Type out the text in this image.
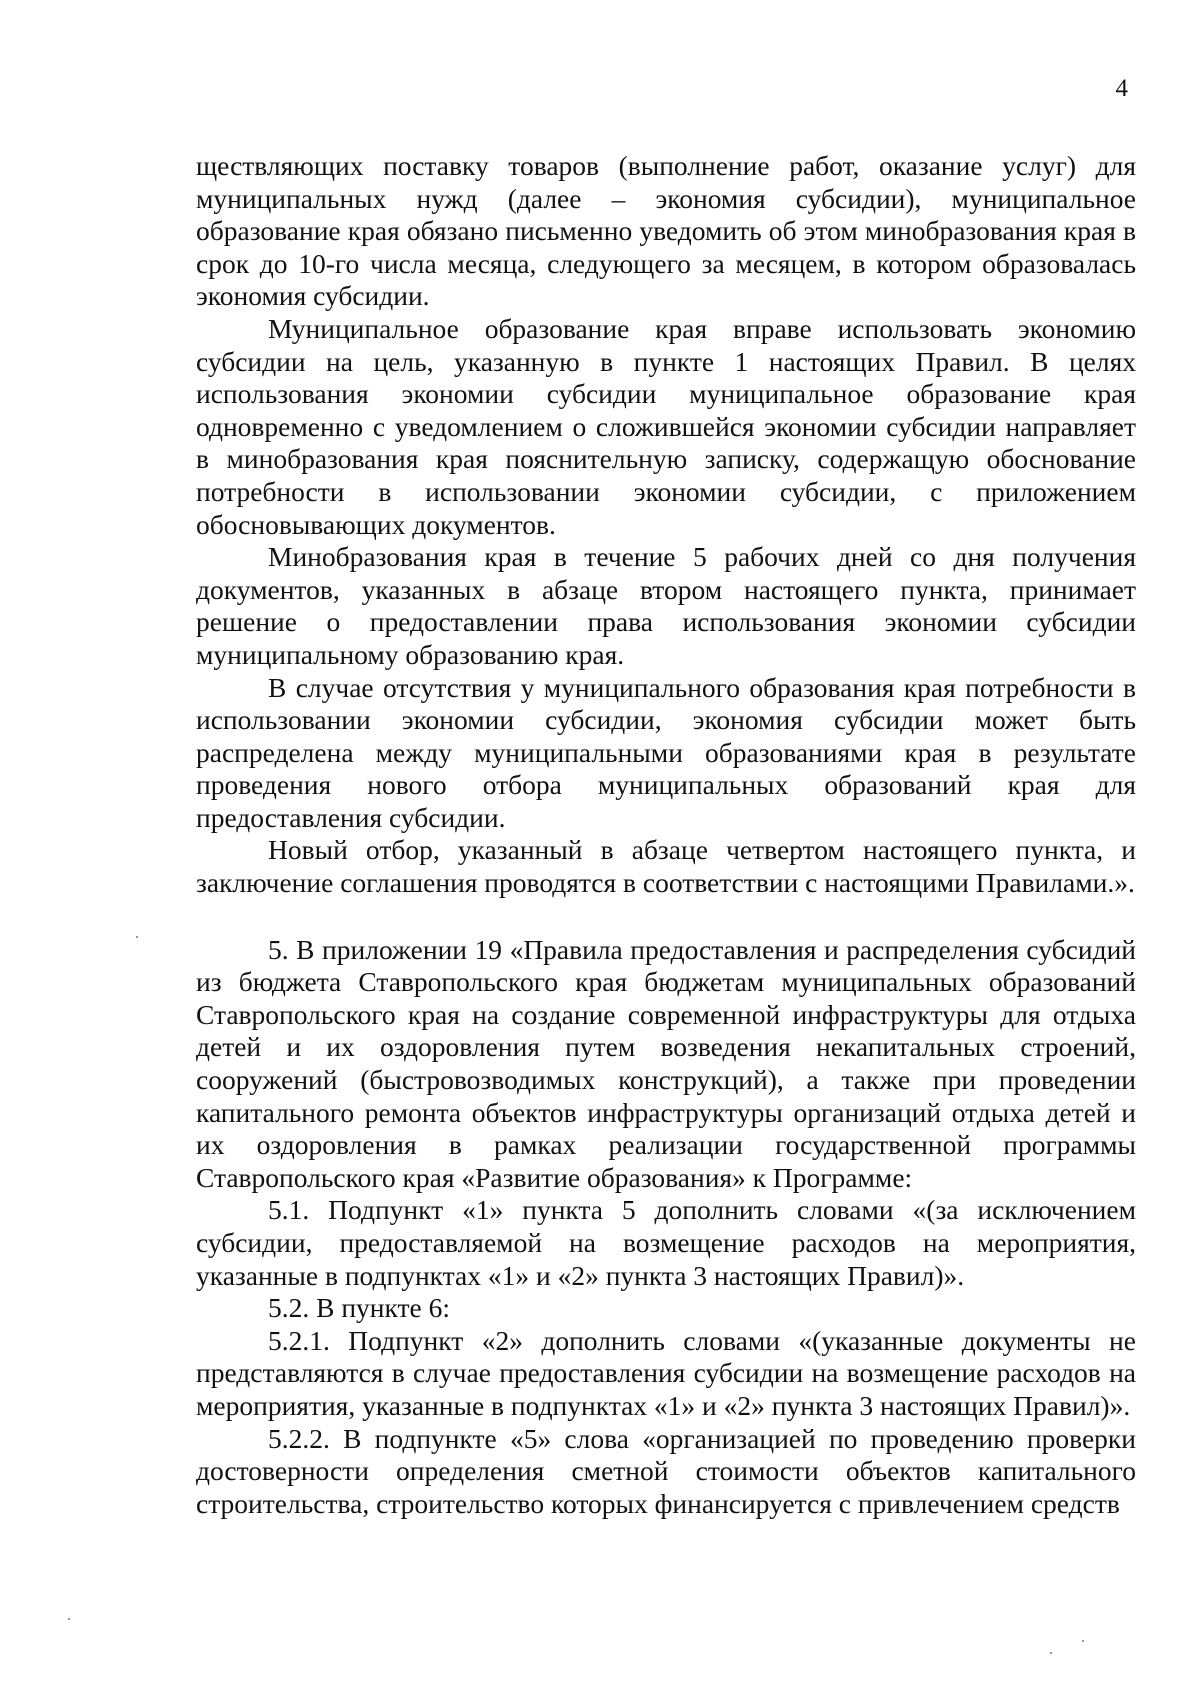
4

ществляющих поставку товаров (выполнение работ, оказание услуг) для муниципальных нужд (далее – экономия субсидии), муниципальное образование края обязано письменно уведомить об этом минобразования края в срок до 10-го числа месяца, следующего за месяцем, в котором образовалась экономия субсидии.

Муниципальное образование края вправе использовать экономию субсидии на цель, указанную в пункте 1 настоящих Правил. В целях использования экономии субсидии муниципальное образование края одновременно с уведомлением о сложившейся экономии субсидии направляет в минобразования края пояснительную записку, содержащую обоснование потребности в использовании экономии субсидии, с приложением обосновывающих документов.

Минобразования края в течение 5 рабочих дней со дня получения документов, указанных в абзаце втором настоящего пункта, принимает решение о предоставлении права использования экономии субсидии муниципальному образованию края.

В случае отсутствия у муниципального образования края потребности в использовании экономии субсидии, экономия субсидии может быть распределена между муниципальными образованиями края в результате проведения нового отбора муниципальных образований края для предоставления субсидии.

Новый отбор, указанный в абзаце четвертом настоящего пункта, и заключение соглашения проводятся в соответствии с настоящими Правилами.».

5. В приложении 19 «Правила предоставления и распределения субсидий из бюджета Ставропольского края бюджетам муниципальных образований Ставропольского края на создание современной инфраструктуры для отдыха детей и их оздоровления путем возведения некапитальных строений, сооружений (быстровозводимых конструкций), а также при проведении капитального ремонта объектов инфраструктуры организаций отдыха детей и их оздоровления в рамках реализации государственной программы Ставропольского края «Развитие образования» к Программе:

5.1. Подпункт «1» пункта 5 дополнить словами «(за исключением субсидии, предоставляемой на возмещение расходов на мероприятия, указанные в подпунктах «1» и «2» пункта 3 настоящих Правил)».

5.2. В пункте 6:

5.2.1. Подпункт «2» дополнить словами «(указанные документы не представляются в случае предоставления субсидии на возмещение расходов на мероприятия, указанные в подпунктах «1» и «2» пункта 3 настоящих Правил)».

5.2.2. В подпункте «5» слова «организацией по проведению проверки достоверности определения сметной стоимости объектов капитального строительства, строительство которых финансируется с привлечением средств
